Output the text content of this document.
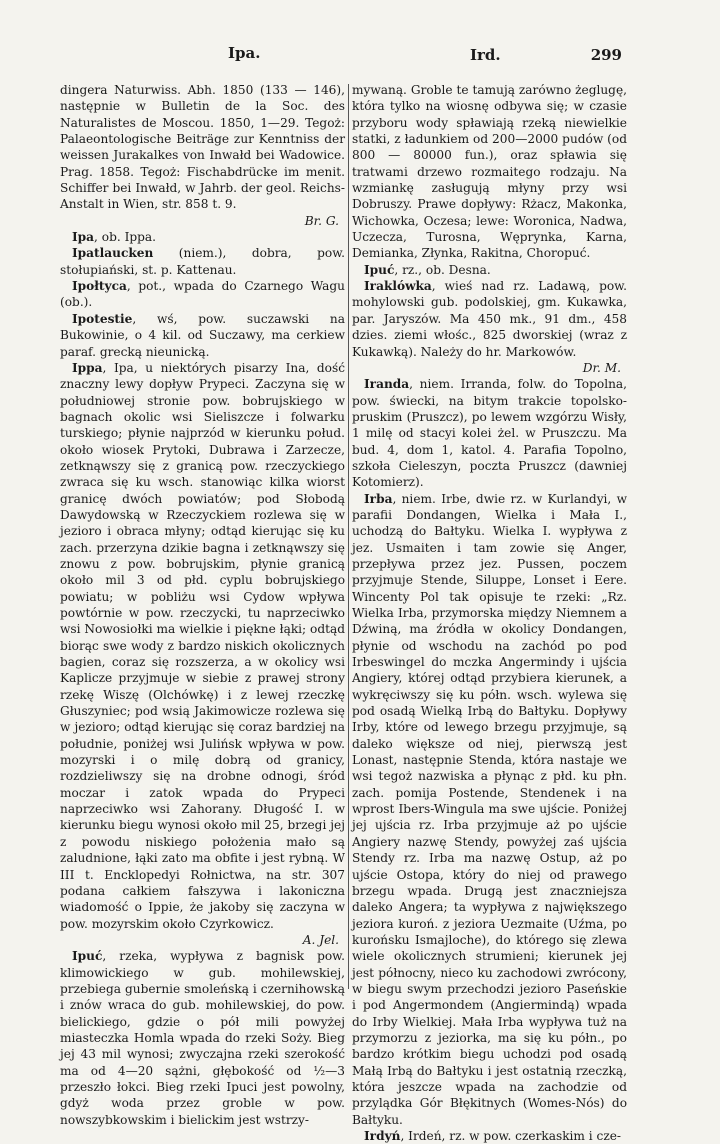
Ipa.	Ird.	299

dingera Naturwiss. Abh. 1850 (133 — 146), następnie w Bulletin de la Soc. des Naturalistes de Moscou. 1850, 1—29. Tegoż: Palaeontologische Beiträge zur Kenntniss der weissen Jurakalkes von Inwałd bei Wadowice. Prag. 1858. Tegoż: Fischabdrücke im menit. Schiffer bei Inwałd, w Jahrb. der geol. Reichs-Anstalt in Wien, str. 858 t. 9.
Br. G.

Ipa, ob. Ippa.

Ipatlaucken (niem.), dobra, pow. stołupiański, st. p. Kattenau.

Ipołtyca, pot., wpada do Czarnego Wagu (ob.).

Ipotestie, wś, pow. suczawski na Bukowinie, o 4 kil. od Suczawy, ma cerkiew paraf. grecką nieunicką.

Ippa, Ipa, u niektórych pisarzy Ina, dość znaczny lewy dopływ Prypeci. Zaczyna się w południowej stronie pow. bobrujskiego w bagnach okolic wsi Sieliszcze i folwarku turskiego; płynie najprzód w kierunku połud. około wiosek Prytoki, Dubrawa i Zarzecze, zetknąwszy się z granicą pow. rzeczyckiego zwraca się ku wsch. stanowiąc kilka wiorst granicę dwóch powiatów; pod Słobodą Dawydowską w Rzeczyckiem rozlewa się w jezioro i obraca młyny; odtąd kierując się ku zach. przerzyna dzikie bagna i zetknąwszy się znowu z pow. bobrujskim, płynie granicą około mil 3 od płd. cyplu bobrujskiego powiatu; w pobliżu wsi Cydow wpływa powtórnie w pow. rzeczycki, tu naprzeciwko wsi Nowosiołki ma wielkie i piękne łąki; odtąd biorąc swe wody z bardzo niskich okolicznych bagien, coraz się rozszerza, a w okolicy wsi Kaplicze przyjmuje w siebie z prawej strony rzekę Wiszę (Olchówkę) i z lewej rzeczkę Głuszyniec; pod wsią Jakimowicze rozlewa się w jezioro; odtąd kierując się coraz bardziej na południe, poniżej wsi Julińsk wpływa w pow. mozyrski i o milę dobrą od granicy, rozdzieliwszy się na drobne odnogi, śród moczar i zatok wpada do Prypeci naprzeciwko wsi Zahorany. Długość I. w kierunku biegu wynosi około mil 25, brzegi jej z powodu niskiego położenia mało są zaludnione, łąki zato ma obfite i jest rybną. W III t. Encklopedyi Rołnictwa, na str. 307 podana całkiem fałszywa i lakoniczna wiadomość o Ippie, że jakoby się zaczyna w pow. mozyrskim około Czyrkowicz.
A. Jel.

Ipuć, rzeka, wypływa z bagnisk pow. klimowickiego w gub. mohilewskiej, przebiega gubernie smoleńską i czernihowską i znów wraca do gub. mohilewskiej, do pow. bielickiego, gdzie o pół mili powyżej miasteczka Homla wpada do rzeki Soży. Bieg jej 43 mil wynosi; zwyczajna rzeki szerokość ma od 4—20 sążni, głębokość od ½—3 przeszło łokci. Bieg rzeki Ipuci jest powolny, gdyż woda przez groble w pow. nowszybkowskim i bielickim jest wstrzy-

mywaną. Groble te tamują zarówno żeglugę, która tylko na wiosnę odbywa się; w czasie przyboru wody spławiają rzeką niewielkie statki, z ładunkiem od 200—2000 pudów (od 800 — 80000 fun.), oraz spławia się tratwami drzewo rozmaitego rodzaju. Na wzmiankę zasługują młyny przy wsi Dobruszy. Prawe dopływy: Rżacz, Makonka, Wichowka, Oczesa; lewe: Woronica, Nadwa, Uczecza, Turosna, Węprynka, Karna, Demianka, Złynka, Rakitna, Choropuć.

Ipuć, rz., ob. Desna.

Iraklówka, wieś nad rz. Ladawą, pow. mohylowski gub. podolskiej, gm. Kukawka, par. Jaryszów. Ma 450 mk., 91 dm., 458 dzies. ziemi włośc., 825 dworskiej (wraz z Kukawką). Należy do hr. Markowów.
Dr. M.

Iranda, niem. Irranda, folw. do Topolna, pow. świecki, na bitym trakcie topolsko-pruskim (Pruszcz), po lewem wzgórzu Wisły, 1 milę od stacyi kolei żel. w Pruszczu. Ma bud. 4, dom 1, katol. 4. Parafia Topolno, szkoła Cieleszyn, poczta Pruszcz (dawniej Kotomierz).

Irba, niem. Irbe, dwie rz. w Kurlandyi, w parafii Dondangen, Wielka i Mała I., uchodzą do Bałtyku. Wielka I. wypływa z jez. Usmaiten i tam zowie się Anger, przepływa przez jez. Pussen, poczem przyjmuje Stende, Siluppe, Lonset i Eere. Wincenty Pol tak opisuje te rzeki: „Rz. Wielka Irba, przymorska między Niemnem a Dźwiną, ma źródła w okolicy Dondangen, płynie od wschodu na zachód po pod Irbeswingel do mczka Angermindy i ujścia Angiery, której odtąd przybiera kierunek, a wykręciwszy się ku półn. wsch. wylewa się pod osadą Wielką Irbą do Bałtyku. Dopływy Irby, które od lewego brzegu przyjmuje, są daleko większe od niej, pierwszą jest Lonast, następnie Stenda, która nastaje we wsi tegoż nazwiska a płynąc z płd. ku płn. zach. pomija Postende, Stendenek i na wprost Ibers-Wingula ma swe ujście. Poniżej jej ujścia rz. Irba przyjmuje aż po ujście Angiery nazwę Stendy, powyżej zaś ujścia Stendy rz. Irba ma nazwę Ostup, aż po ujście Ostopa, który do niej od prawego brzegu wpada. Drugą jest znaczniejsza daleko Angera; ta wypływa z największego jeziora kuroń. z jeziora Uezmaite (Uźma, po kurońsku Ismajloche), do którego się zlewa wiele okolicznych strumieni; kierunek jej jest północny, nieco ku zachodowi zwrócony, w biegu swym przechodzi jezioro Paseńskie i pod Angermondem (Angiermindą) wpada do Irby Wielkiej. Mała Irba wypływa tuż na przymorzu z jeziorka, ma się ku półn., po bardzo krótkim biegu uchodzi pod osadą Małą Irbą do Bałtyku i jest ostatnią rzeczką, która jeszcze wpada na zachodzie od przylądka Gór Błękitnych (Womes-Nós) do Bałtyku.

Irdyń, Irdeń, rz. w pow. czerkaskim i cze-
